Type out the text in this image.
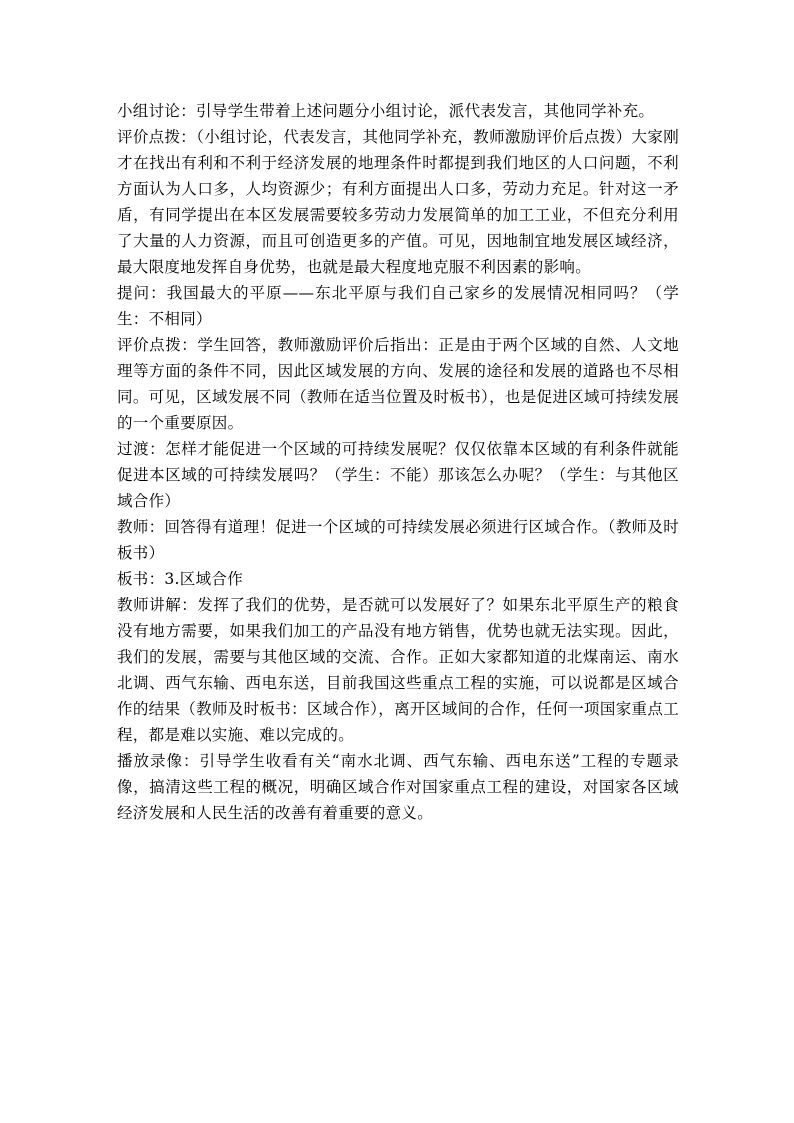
小组讨论：引导学生带着上述问题分小组讨论，派代表发言，其他同学补充。

评价点拨：（小组讨论，代表发言，其他同学补充，教师激励评价后点拨）大家刚才在找出有利和不利于经济发展的地理条件时都提到我们地区的人口问题，不利方面认为人口多，人均资源少；有利方面提出人口多，劳动力充足。针对这一矛盾，有同学提出在本区发展需要较多劳动力发展简单的加工工业，不但充分利用了大量的人力资源，而且可创造更多的产值。可见，因地制宜地发展区域经济，最大限度地发挥自身优势，也就是最大程度地克服不利因素的影响。

提问：我国最大的平原——东北平原与我们自己家乡的发展情况相同吗？（学生：不相同）

评价点拨：学生回答，教师激励评价后指出：正是由于两个区域的自然、人文地理等方面的条件不同，因此区域发展的方向、发展的途径和发展的道路也不尽相同。可见，区域发展不同（教师在适当位置及时板书），也是促进区域可持续发展的一个重要原因。

过渡：怎样才能促进一个区域的可持续发展呢？仅仅依靠本区域的有利条件就能促进本区域的可持续发展吗？（学生：不能）那该怎么办呢？（学生：与其他区域合作）

教师：回答得有道理！促进一个区域的可持续发展必须进行区域合作。（教师及时板书）

板书：3.区域合作

教师讲解：发挥了我们的优势，是否就可以发展好了？如果东北平原生产的粮食没有地方需要，如果我们加工的产品没有地方销售，优势也就无法实现。因此，我们的发展，需要与其他区域的交流、合作。正如大家都知道的北煤南运、南水北调、西气东输、西电东送，目前我国这些重点工程的实施，可以说都是区域合作的结果（教师及时板书：区域合作），离开区域间的合作，任何一项国家重点工程，都是难以实施、难以完成的。

播放录像：引导学生收看有关“南水北调、西气东输、西电东送”工程的专题录像，搞清这些工程的概况，明确区域合作对国家重点工程的建设，对国家各区域经济发展和人民生活的改善有着重要的意义。
